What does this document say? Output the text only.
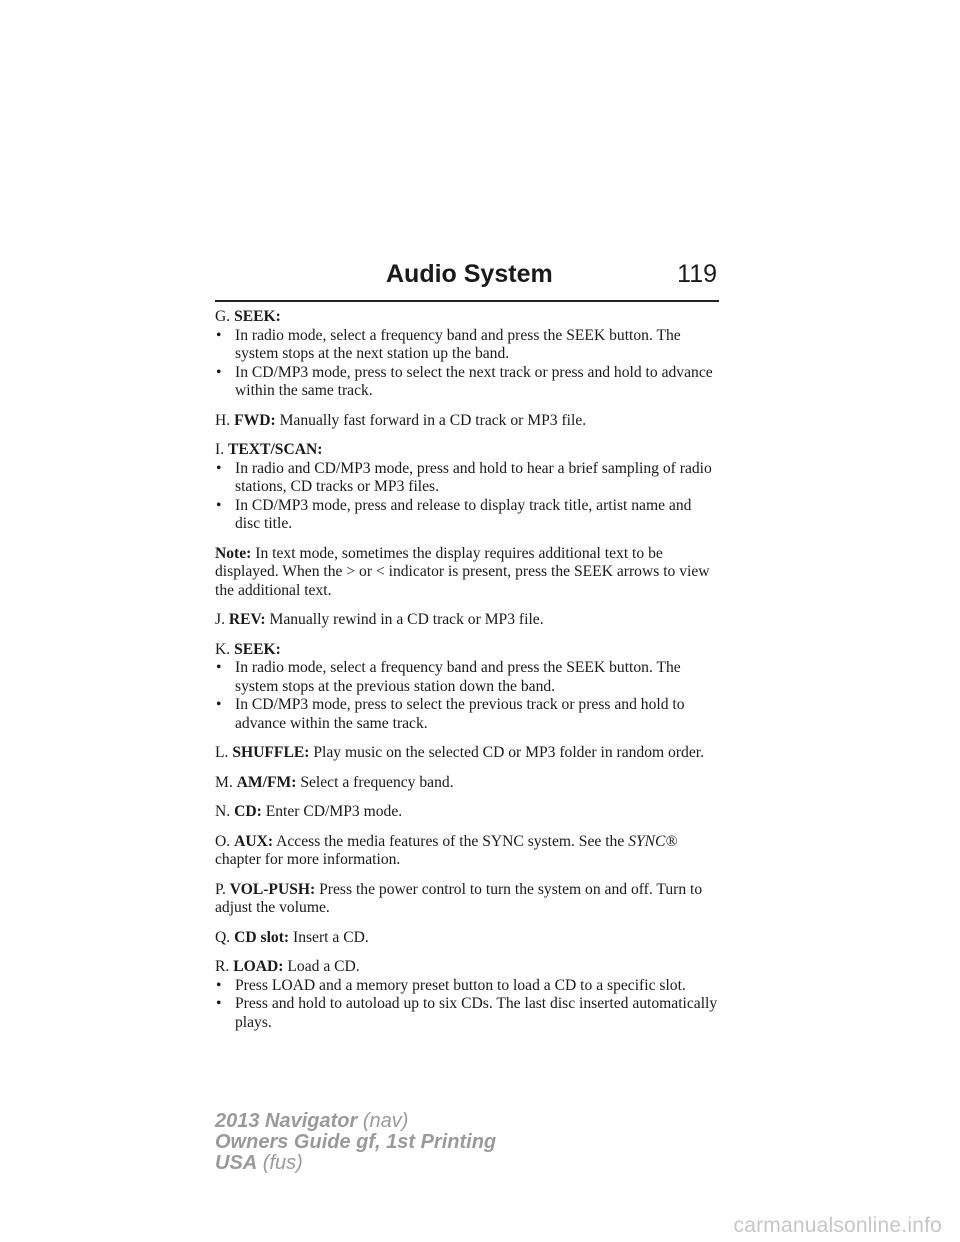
Audio System	119
G. SEEK:
• In radio mode, select a frequency band and press the SEEK button. The system stops at the next station up the band.
• In CD/MP3 mode, press to select the next track or press and hold to advance within the same track.

H. FWD: Manually fast forward in a CD track or MP3 file.

I. TEXT/SCAN:
• In radio and CD/MP3 mode, press and hold to hear a brief sampling of radio stations, CD tracks or MP3 files.
• In CD/MP3 mode, press and release to display track title, artist name and disc title.

Note: In text mode, sometimes the display requires additional text to be displayed. When the > or < indicator is present, press the SEEK arrows to view the additional text.

J. REV: Manually rewind in a CD track or MP3 file.

K. SEEK:
• In radio mode, select a frequency band and press the SEEK button. The system stops at the previous station down the band.
• In CD/MP3 mode, press to select the previous track or press and hold to advance within the same track.

L. SHUFFLE: Play music on the selected CD or MP3 folder in random order.

M. AM/FM: Select a frequency band.

N. CD: Enter CD/MP3 mode.

O. AUX: Access the media features of the SYNC system. See the SYNC® chapter for more information.

P. VOL-PUSH: Press the power control to turn the system on and off. Turn to adjust the volume.

Q. CD slot: Insert a CD.

R. LOAD: Load a CD.
• Press LOAD and a memory preset button to load a CD to a specific slot.
• Press and hold to autoload up to six CDs. The last disc inserted automatically plays.
2013 Navigator (nav)
Owners Guide gf, 1st Printing
USA (fus)
carmanualsonline.info
